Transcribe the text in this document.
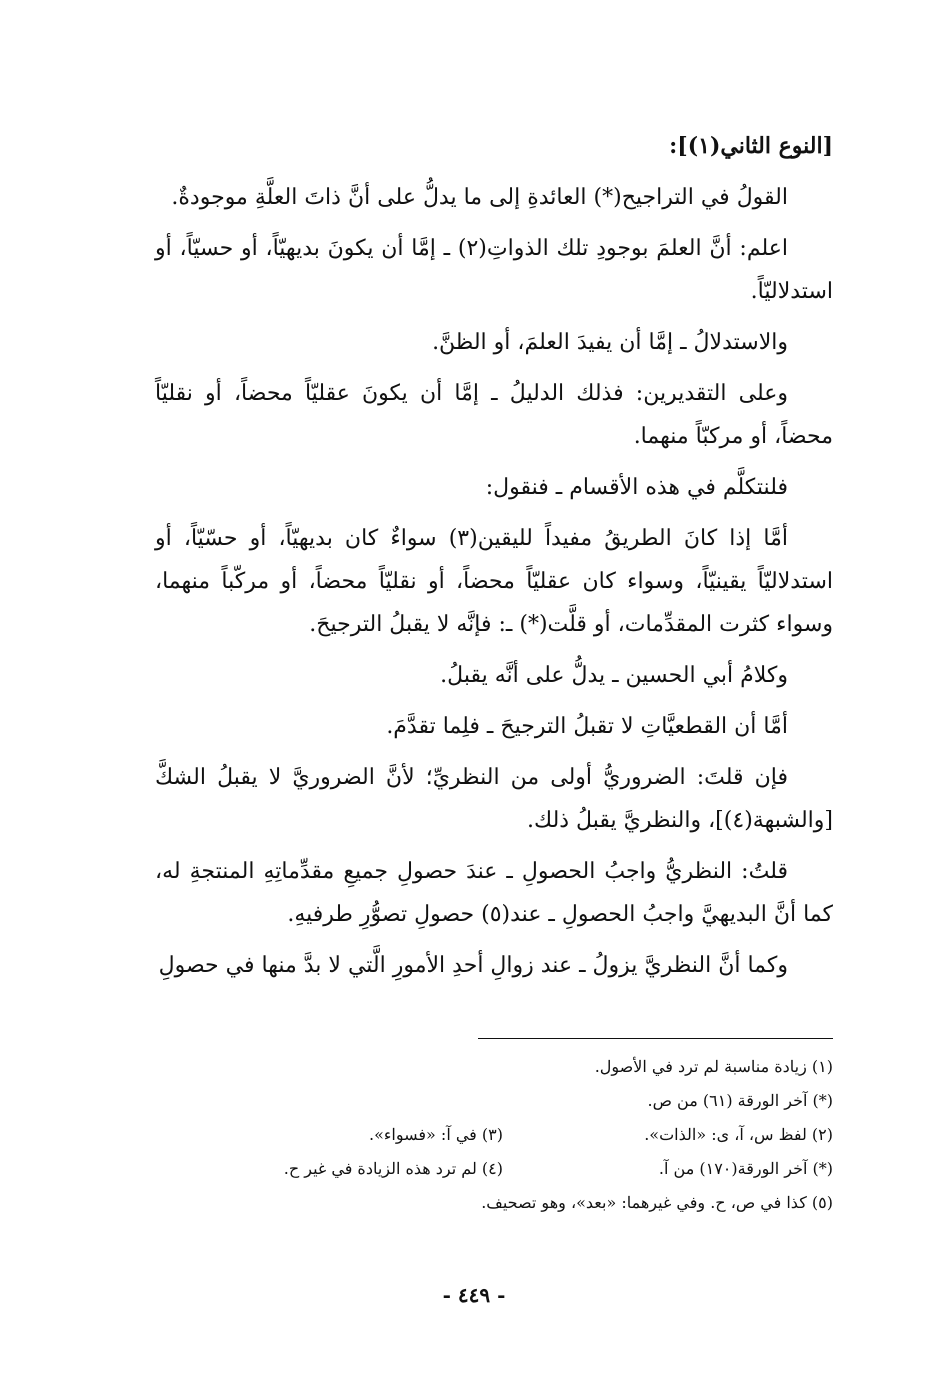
[النوع الثاني(١)]:

القولُ في التراجيح(*) العائدةِ إلى ما يدلُّ على أنَّ ذاتَ العلَّةِ موجودةٌ.

اعلم: أنَّ العلمَ بوجودِ تلك الذواتِ(٢) ـ إمَّا أن يكونَ بديهيّاً، أو حسيّاً، أو استدلاليّاً.

والاستدلالُ ـ إمَّا أن يفيدَ العلمَ، أو الظنَّ.

وعلى التقديرين: فذلك الدليلُ ـ إمَّا أن يكونَ عقليّاً محضاً، أو نقليّاً محضاً، أو مركبّاً منهما.

فلنتكلَّم في هذه الأقسام ـ فنقول:

أمَّا إذا كانَ الطريقُ مفيداً لليقين(٣) سواءٌ كان بديهيّاً، أو حسّيّاً، أو استدلاليّاً يقينيّاً، وسواء كان عقليّاً محضاً، أو نقليّاً محضاً، أو مركّباً منهما، وسواء كثرت المقدِّمات، أو قلَّت(*) ـ: فإنَّه لا يقبلُ الترجيحَ.

وكلامُ أبي الحسين ـ يدلُّ على أنَّه يقبلُ.

أمَّا أن القطعيَّاتِ لا تقبلُ الترجيحَ ـ فلِما تقدَّمَ.

فإن قلتَ: الضروريُّ أولى من النظريِّ؛ لأنَّ الضروريَّ لا يقبلُ الشكَّ [والشبهة(٤)]، والنظريَّ يقبلُ ذلك.

قلتُ: النظريُّ واجبُ الحصولِ ـ عندَ حصولِ جميعِ مقدِّماتِهِ المنتجةِ له، كما أنَّ البديهيَّ واجبُ الحصولِ ـ عند(٥) حصولِ تصوُّرِ طرفيهِ.

وكما أنَّ النظريَّ يزولُ ـ عند زوالِ أحدِ الأمورِ الَّتي لا بدَّ منها في حصولِ

(١) زيادة مناسبة لم ترد في الأصول.
(*) آخر الورقة (٦١) من ص.
(٢) لفظ س، آ، ى: «الذات».
(٣) في آ: «فسواء».
(*) آخر الورقة(١٧٠) من آ.
(٤) لم ترد هذه الزيادة في غير ح.
(٥) كذا في ص، ح. وفي غيرهما: «بعد»، وهو تصحيف.
- ٤٤٩ -
